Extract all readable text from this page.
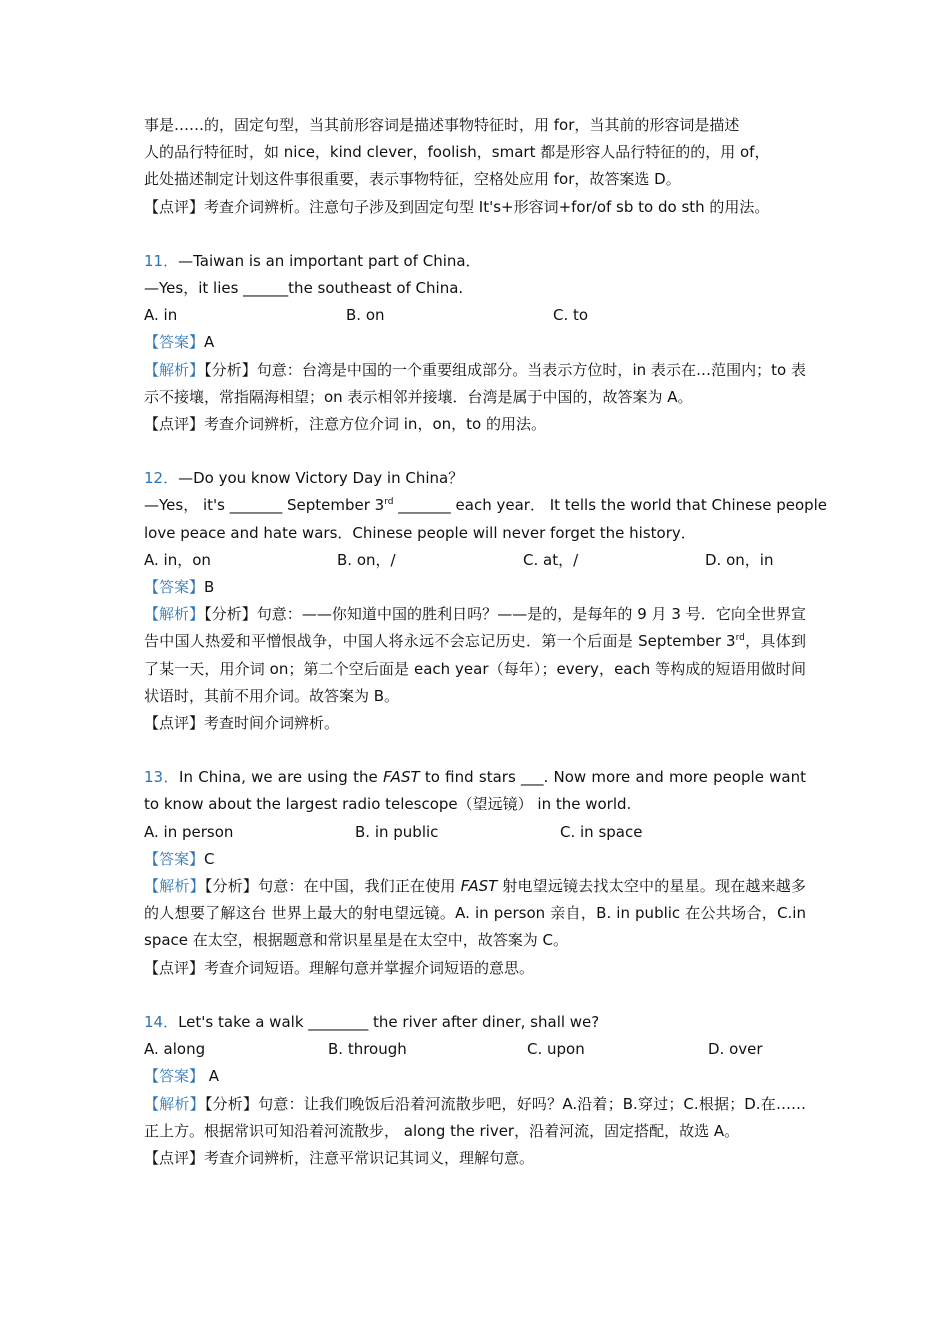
事是……的，固定句型，当其前形容词是描述事物特征时，用 for，当其前的形容词是描述
人的品行特征时，如 nice，kind clever，foolish，smart 都是形容人品行特征的的，用 of，
此处描述制定计划这件事很重要，表示事物特征，空格处应用 for，故答案选 D。
【点评】考查介词辨析。注意句子涉及到固定句型 It's+形容词+for/of sb to do sth 的用法。
11．—Taiwan is an important part of China．
—Yes，it lies ______the southeast of China.
A. in	B. on	C. to
【答案】A
【解析】【分析】句意：台湾是中国的一个重要组成部分。当表示方位时，in 表示在…范围内；to 表示不接壤，常指隔海相望；on 表示相邻并接壤．台湾是属于中国的，故答案为 A。
【点评】考查介词辨析，注意方位介词 in，on，to 的用法。
12．—Do you know Victory Day in China？
—Yes， it's _______ September 3rd _______ each year． It tells the world that Chinese people
love peace and hate wars．Chinese people will never forget the history．
A. in，on	B. on，/	C. at，/	D. on，in
【答案】B
【解析】【分析】句意：——你知道中国的胜利日吗？——是的，是每年的 9 月 3 号．它向全世界宣告中国人热爱和平憎恨战争，中国人将永远不会忘记历史．第一个后面是 September 3rd，具体到了某一天，用介词 on；第二个空后面是 each year（每年）；every，each 等构成的短语用做时间状语时，其前不用介词。故答案为 B。
【点评】考查时间介词辨析。
13．In China, we are using the FAST to find stars ___. Now more and more people want to know about the largest radio telescope（望远镜） in the world.
A. in person	B. in public	C. in space
【答案】C
【解析】【分析】句意：在中国，我们正在使用 FAST 射电望远镜去找太空中的星星。现在越来越多的人想要了解这台 世界上最大的射电望远镜。A. in person 亲自，B. in public 在公共场合，C.in space 在太空，根据题意和常识星星是在太空中，故答案为 C。
【点评】考查介词短语。理解句意并掌握介词短语的意思。
14．Let's take a walk ________ the river after diner, shall we?
A. along	B. through	C. upon	D. over
【答案】 A
【解析】【分析】句意：让我们晚饭后沿着河流散步吧，好吗？A.沿着；B.穿过；C.根据；D.在……正上方。根据常识可知沿着河流散步， along the river，沿着河流，固定搭配，故选 A。
【点评】考查介词辨析，注意平常识记其词义，理解句意。
